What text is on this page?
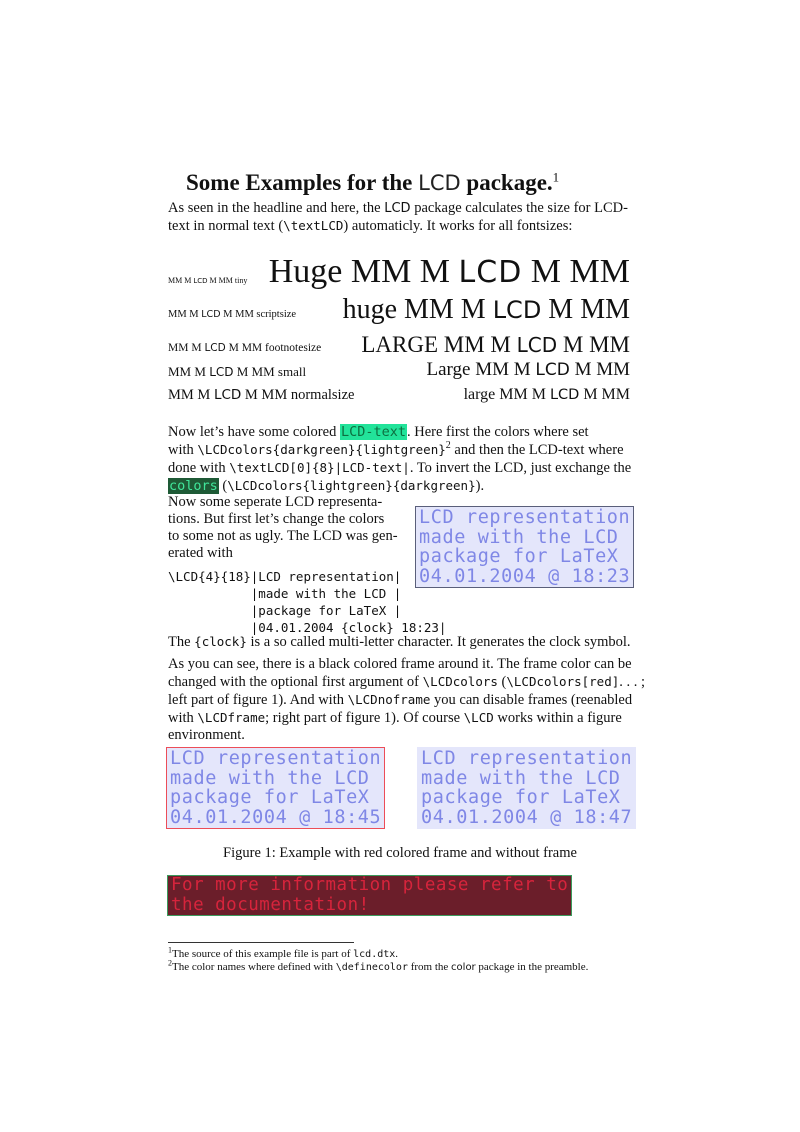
Some Examples for the LCD package.$^1$
As seen in the headline and here, the LCD package calculates the size for LCD-
text in normal text (\textLCD) automaticly. It works for all fontsizes:
MM M LCD M MM tiny
MM M LCD M MM scriptsize
MM M LCD M MM footnotesize
MM M LCD M MM small
MM M LCD M MM normalsize
Huge MM M LCD M MM
huge MM M LCD M MM
LARGE MM M LCD M MM
Large MM M LCD M MM
large MM M LCD M MM
Now let’s have some colored LCD-text. Here first the colors where set
with \LCDcolors{darkgreen}{lightgreen}$^2$ and then the LCD-text where
done with \textLCD[0]{8}|LCD-text|. To invert the LCD, just exchange the
colors (\LCDcolors{lightgreen}{darkgreen}).
Now some seperate LCD representa-
tions. But first let’s change the colors
to some not as ugly. The LCD was gen-
erated with
LCD representation
made with the LCD
package for LaTeX
04.01.2004 @ 18:23
\LCD{4}{18}|LCD representation|
|made with the LCD |
|package for LaTeX |
|04.01.2004 {clock} 18:23|
The {clock} is a so called multi-letter character. It generates the clock symbol.
As you can see, there is a black colored frame around it. The frame color can be
changed with the optional first argument of \LCDcolors (\LCDcolors[red]. . . ;
left part of figure 1). And with \LCDnoframe you can disable frames (reenabled
with \LCDframe; right part of figure 1). Of course \LCD works within a figure
environment.
LCD representation
made with the LCD
package for LaTeX
04.01.2004 @ 18:45
LCD representation
made with the LCD
package for LaTeX
04.01.2004 @ 18:47
Figure 1: Example with red colored frame and without frame
For more information please refer to
the documentation!
$^1$The source of this example file is part of lcd.dtx.
$^2$The color names where defined with \definecolor from the color package in the preamble.
